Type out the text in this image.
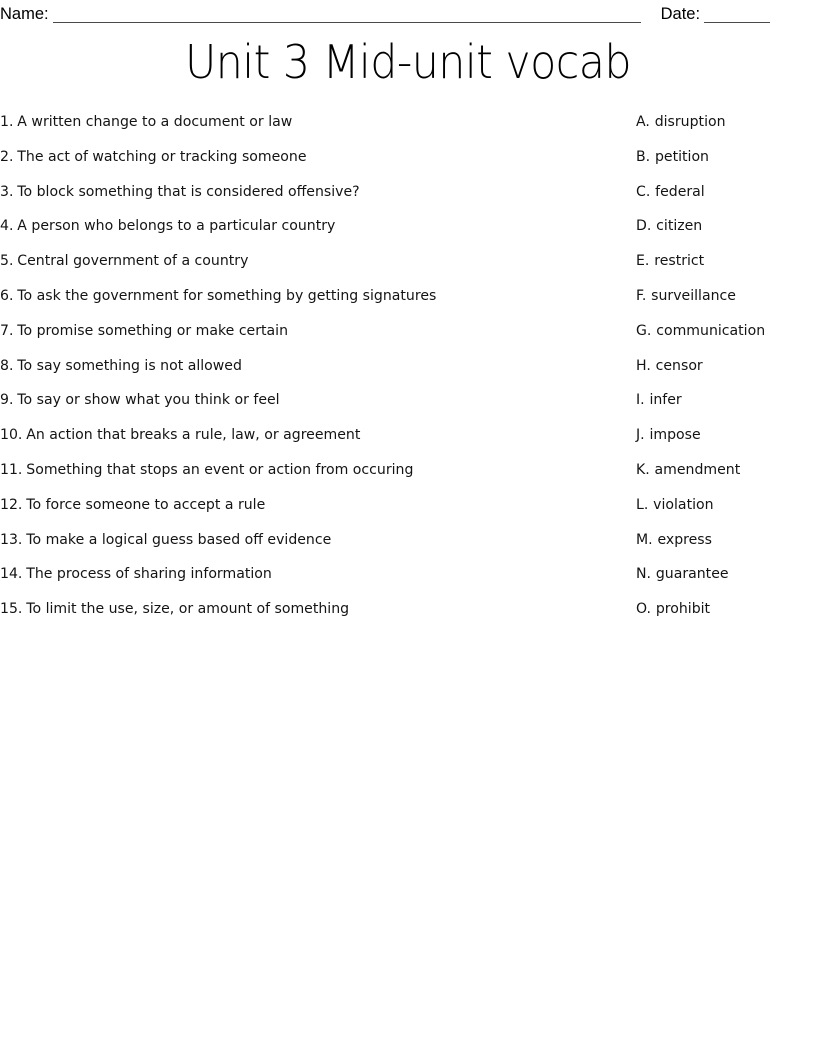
Name:	Date:
Unit 3 Mid-unit vocab
1. A written change to a document or law
2. The act of watching or tracking someone
3. To block something that is considered offensive?
4. A person who belongs to a particular country
5. Central government of a country
6. To ask the government for something by getting signatures
7. To promise something or make certain
8. To say something is not allowed
9. To say or show what you think or feel
10. An action that breaks a rule, law, or agreement
11. Something that stops an event or action from occuring
12. To force someone to accept a rule
13. To make a logical guess based off evidence
14. The process of sharing information
15. To limit the use, size, or amount of something
A. disruption
B. petition
C. federal
D. citizen
E. restrict
F. surveillance
G. communication
H. censor
I. infer
J. impose
K. amendment
L. violation
M. express
N. guarantee
O. prohibit
